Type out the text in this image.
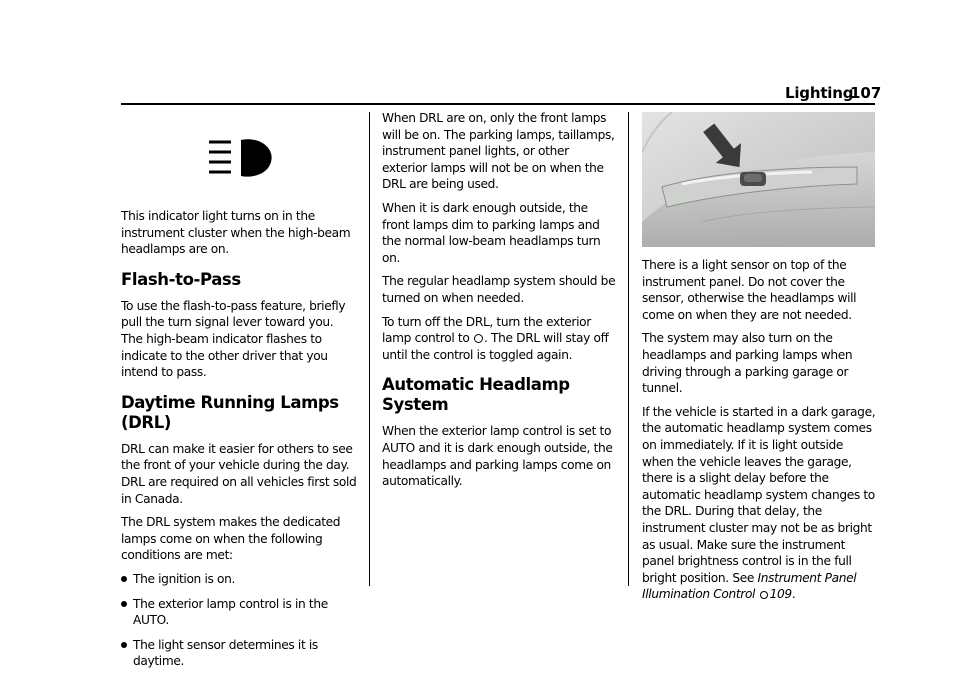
Lighting
107

This indicator light turns on in the instrument cluster when the high-beam headlamps are on.

Flash-to-Pass

To use the flash-to-pass feature, briefly pull the turn signal lever toward you. The high-beam indicator flashes to indicate to the other driver that you intend to pass.

Daytime Running Lamps (DRL)

DRL can make it easier for others to see the front of your vehicle during the day. DRL are required on all vehicles first sold in Canada.

The DRL system makes the dedicated lamps come on when the following conditions are met:

The ignition is on.
The exterior lamp control is in the AUTO.
The light sensor determines it is daytime.

When DRL are on, only the front lamps will be on. The parking lamps, taillamps, instrument panel lights, or other exterior lamps will not be on when the DRL are being used.

When it is dark enough outside, the front lamps dim to parking lamps and the normal low-beam headlamps turn on.

The regular headlamp system should be turned on when needed.

To turn off the DRL, turn the exterior lamp control to . The DRL will stay off until the control is toggled again.

Automatic Headlamp System

When the exterior lamp control is set to AUTO and it is dark enough outside, the headlamps and parking lamps come on automatically.

There is a light sensor on top of the instrument panel. Do not cover the sensor, otherwise the headlamps will come on when they are not needed.

The system may also turn on the headlamps and parking lamps when driving through a parking garage or tunnel.

If the vehicle is started in a dark garage, the automatic headlamp system comes on immediately. If it is light outside when the vehicle leaves the garage, there is a slight delay before the automatic headlamp system changes to the DRL. During that delay, the instrument cluster may not be as bright as usual. Make sure the instrument panel brightness control is in the full bright position. See Instrument Panel Illumination Control 109.
